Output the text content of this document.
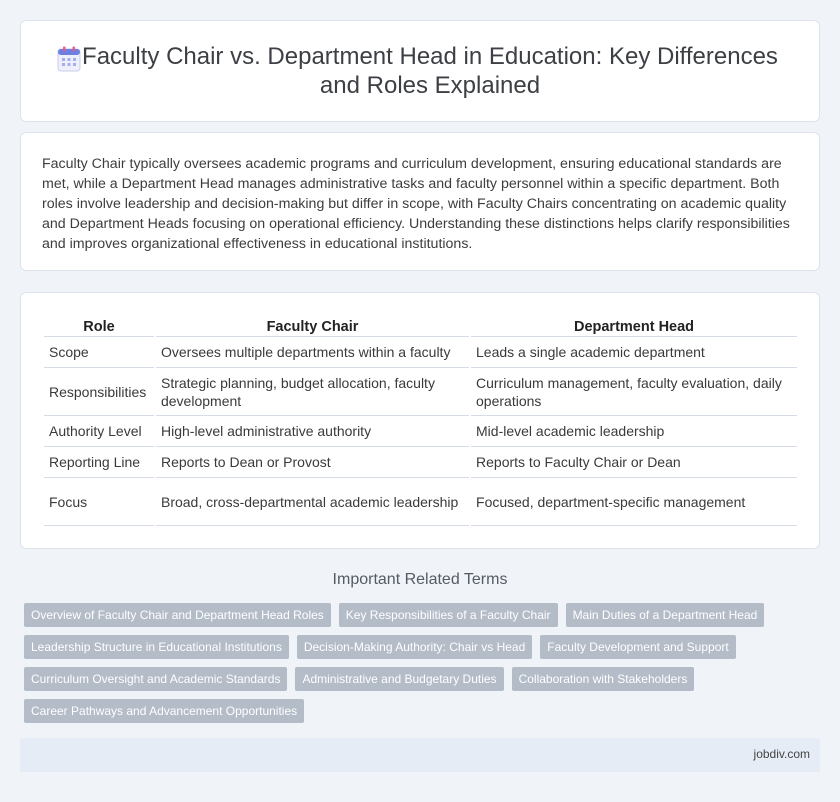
Faculty Chair vs. Department Head in Education: Key Differences and Roles Explained

Faculty Chair typically oversees academic programs and curriculum development, ensuring educational standards are met, while a Department Head manages administrative tasks and faculty personnel within a specific department. Both roles involve leadership and decision-making but differ in scope, with Faculty Chairs concentrating on academic quality and Department Heads focusing on operational efficiency. Understanding these distinctions helps clarify responsibilities and improves organizational effectiveness in educational institutions.

Role	Faculty Chair	Department Head
Scope	Oversees multiple departments within a faculty	Leads a single academic department
Responsibilities	Strategic planning, budget allocation, faculty development	Curriculum management, faculty evaluation, daily operations
Authority Level	High-level administrative authority	Mid-level academic leadership
Reporting Line	Reports to Dean or Provost	Reports to Faculty Chair or Dean
Focus	Broad, cross-departmental academic leadership	Focused, department-specific management
Important Related Terms
Overview of Faculty Chair and Department Head Roles	Key Responsibilities of a Faculty Chair	Main Duties of a Department Head
Leadership Structure in Educational Institutions	Decision-Making Authority: Chair vs Head	Faculty Development and Support
Curriculum Oversight and Academic Standards	Administrative and Budgetary Duties	Collaboration with Stakeholders
Career Pathways and Advancement Opportunities
jobdiv.com
